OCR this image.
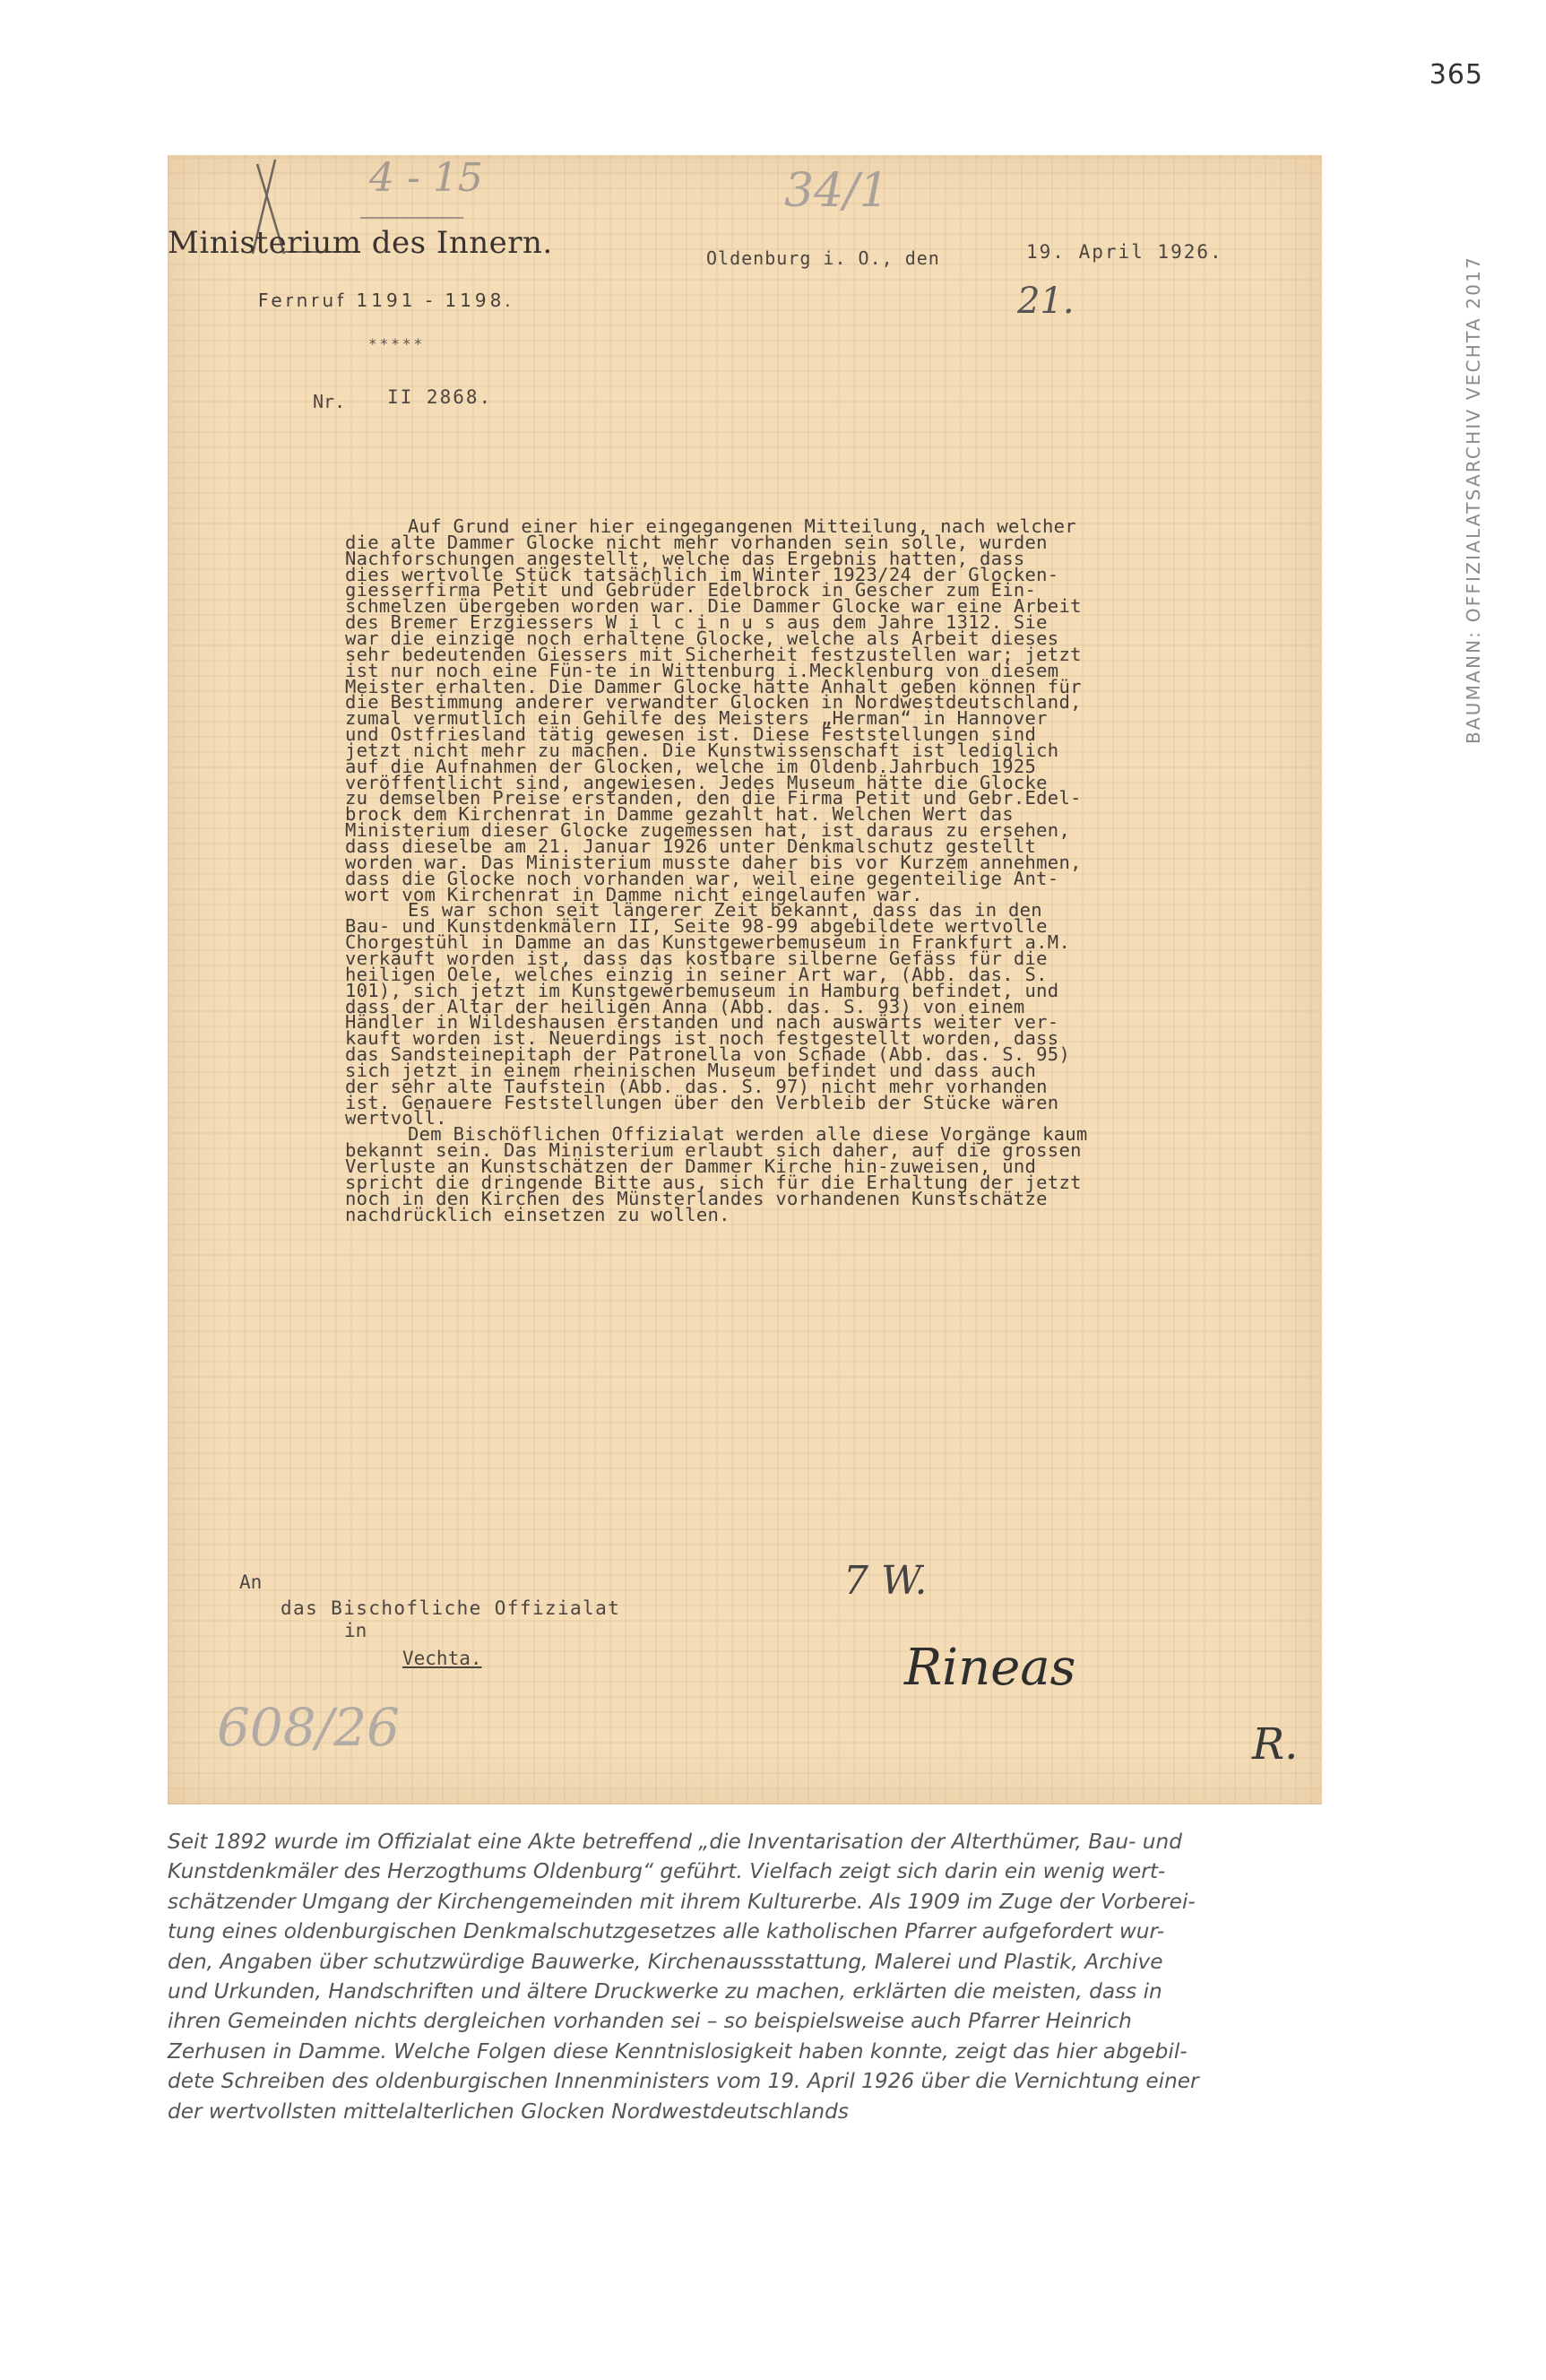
365
BAUMANN: OFFIZIALATSARCHIV VECHTA 2017
4 - 15	34/1
Ministerium des Innern.
Fernruf 1191 - 1198.
*****
Nr. II 2868.
Oldenburg i. O., den	19. April 1926.
21.
Auf Grund einer hier eingegangenen Mitteilung, nach welcher
die alte Dammer Glocke nicht mehr vorhanden sein solle, wurden
Nachforschungen angestellt, welche das Ergebnis hatten, dass
dies wertvolle Stück tatsächlich im Winter 1923/24 der Glocken-
giesserfirma Petit und Gebrüder Edelbrock in Gescher zum Ein-
schmelzen übergeben worden war. Die Dammer Glocke war eine Arbeit
des Bremer Erzgiessers W i l c i n u s aus dem Jahre 1312. Sie
war die einzige noch erhaltene Glocke, welche als Arbeit dieses
sehr bedeutenden Giessers mit Sicherheit festzustellen war; jetzt
ist nur noch eine Fün-te in Wittenburg i.Mecklenburg von diesem
Meister erhalten. Die Dammer Glocke hätte Anhalt geben können für
die Bestimmung anderer verwandter Glocken in Nordwestdeutschland,
zumal vermutlich ein Gehilfe des Meisters „Herman“ in Hannover
und Ostfriesland tätig gewesen ist. Diese Feststellungen sind
jetzt nicht mehr zu machen. Die Kunstwissenschaft ist lediglich
auf die Aufnahmen der Glocken, welche im Oldenb.Jahrbuch 1925
veröffentlicht sind, angewiesen. Jedes Museum hätte die Glocke
zu demselben Preise erstanden, den die Firma Petit und Gebr.Edel-
brock dem Kirchenrat in Damme gezahlt hat. Welchen Wert das
Ministerium dieser Glocke zugemessen hat, ist daraus zu ersehen,
dass dieselbe am 21. Januar 1926 unter Denkmalschutz gestellt
worden war. Das Ministerium musste daher bis vor Kurzem annehmen,
dass die Glocke noch vorhanden war, weil eine gegenteilige Ant-
wort vom Kirchenrat in Damme nicht eingelaufen war.
Es war schon seit längerer Zeit bekannt, dass das in den
Bau- und Kunstdenkmälern II, Seite 98-99 abgebildete wertvolle
Chorgestühl in Damme an das Kunstgewerbemuseum in Frankfurt a.M.
verkauft worden ist, dass das kostbare silberne Gefäss für die
heiligen Oele, welches einzig in seiner Art war, (Abb. das. S.
101), sich jetzt im Kunstgewerbemuseum in Hamburg befindet, und
dass der Altar der heiligen Anna (Abb. das. S. 93) von einem
Händler in Wildeshausen erstanden und nach auswärts weiter ver-
kauft worden ist. Neuerdings ist noch festgestellt worden, dass
das Sandsteinepitaph der Patronella von Schade (Abb. das. S. 95)
sich jetzt in einem rheinischen Museum befindet und dass auch
der sehr alte Taufstein (Abb. das. S. 97) nicht mehr vorhanden
ist. Genauere Feststellungen über den Verbleib der Stücke wären
wertvoll.
Dem Bischöflichen Offizialat werden alle diese Vorgänge kaum
bekannt sein. Das Ministerium erlaubt sich daher, auf die grossen
Verluste an Kunstschätzen der Dammer Kirche hin-zuweisen, und
spricht die dringende Bitte aus, sich für die Erhaltung der jetzt
noch in den Kirchen des Münsterlandes vorhandenen Kunstschätze
nachdrücklich einsetzen zu wollen.
An
das Bischofliche Offizialat
in
Vechta.
7 W.
Rineas
R.
608/26
Seit 1892 wurde im Offizialat eine Akte betreffend „die Inventarisation der Alterthümer, Bau- und
Kunstdenkmäler des Herzogthums Oldenburg“ geführt. Vielfach zeigt sich darin ein wenig wert-
schätzender Umgang der Kirchengemeinden mit ihrem Kulturerbe. Als 1909 im Zuge der Vorberei-
tung eines oldenburgischen Denkmalschutzgesetzes alle katholischen Pfarrer aufgefordert wur-
den, Angaben über schutzwürdige Bauwerke, Kirchenaussstattung, Malerei und Plastik, Archive
und Urkunden, Handschriften und ältere Druckwerke zu machen, erklärten die meisten, dass in
ihren Gemeinden nichts dergleichen vorhanden sei – so beispielsweise auch Pfarrer Heinrich
Zerhusen in Damme. Welche Folgen diese Kenntnislosigkeit haben konnte, zeigt das hier abgebil-
dete Schreiben des oldenburgischen Innenministers vom 19. April 1926 über die Vernichtung einer
der wertvollsten mittelalterlichen Glocken Nordwestdeutschlands
